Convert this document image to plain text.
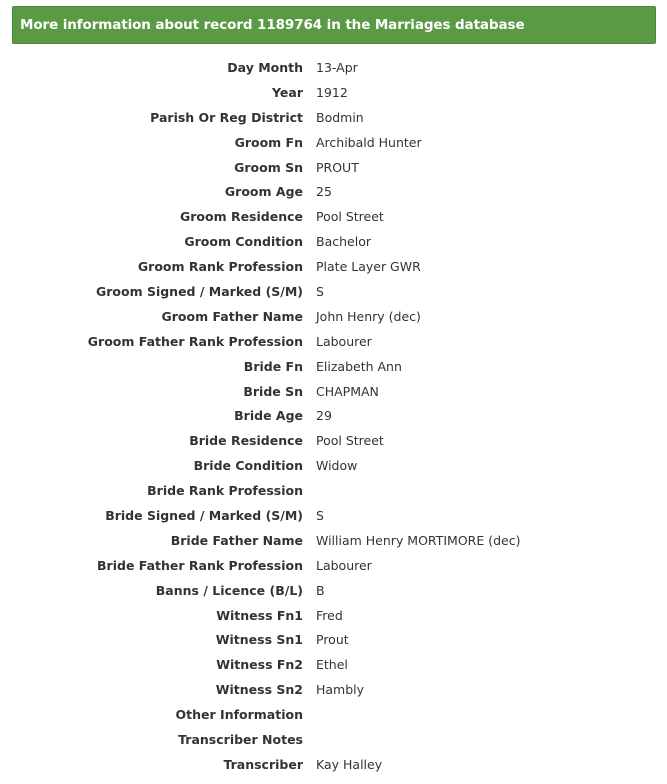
More information about record 1189764 in the Marriages database
Day Month 13-Apr
Year 1912
Parish Or Reg District Bodmin
Groom Fn Archibald Hunter
Groom Sn PROUT
Groom Age 25
Groom Residence Pool Street
Groom Condition Bachelor
Groom Rank Profession Plate Layer GWR
Groom Signed / Marked (S/M) S
Groom Father Name John Henry (dec)
Groom Father Rank Profession Labourer
Bride Fn Elizabeth Ann
Bride Sn CHAPMAN
Bride Age 29
Bride Residence Pool Street
Bride Condition Widow
Bride Rank Profession
Bride Signed / Marked (S/M) S
Bride Father Name William Henry MORTIMORE (dec)
Bride Father Rank Profession Labourer
Banns / Licence (B/L) B
Witness Fn1 Fred
Witness Sn1 Prout
Witness Fn2 Ethel
Witness Sn2 Hambly
Other Information
Transcriber Notes
Transcriber Kay Halley
